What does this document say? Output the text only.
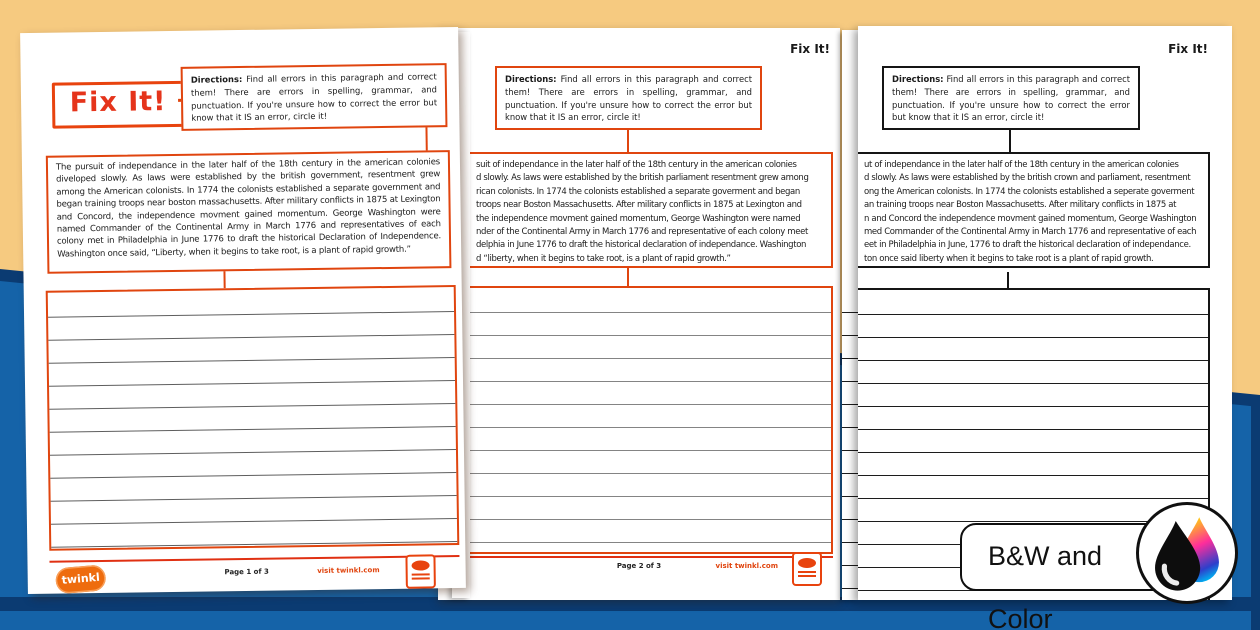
Fix It!
Directions: Find all errors in this paragraph and correct them! There are errors in spelling, grammar, and punctuation. If you're unsure how to correct the error but know that it IS an error, circle it!
suit of independance in the later half of the 18th century in the american colonies
d slowly. As laws were established by the british parliament resentment grew among
rican colonists. In 1774 the colonists established a separate goverment and began
troops near Boston Massachusetts. After military conflicts in 1875 at Lexington and
the independence movment gained momentum, George Washington were named
nder of the Continental Army in March 1776 and representative of each colony meet
delphia in June 1776 to draft the historical declaration of independance. Washington
d “liberty, when it begins to take root, is a plant of rapid growth.”
Page 2 of 3	visit twinkl.com
Fix It!
Directions: Find all errors in this paragraph and correct them! There are errors in spelling, grammar, and punctuation. If you're unsure how to correct the error but know that it IS an error, circle it!
ut of independance in the later half of the 18th century in the american colonies
d slowly. As laws were established by the british crown and parliament, resentment
ong the American colonists. In 1774 the colonists established a seperate goverment
an training troops near Boston Massachusetts. After military conflicts in 1875 at
n and Concord the independence movment gained momentum, George Washington
med Commander of the Continental Army in March 1776 and representative of each
eet in Philadelphia in June, 1776 to draft the historical declaration of independance.
ton once said liberty when it begins to take root is a plant of rapid growth.
Fix It!
Directions: Find all errors in this paragraph and correct them! There are errors in spelling, grammar, and punctuation. If you're unsure how to correct the error but know that it IS an error, circle it!
The pursuit of independance in the later half of the 18th century in the american colonies diveloped slowly. As laws were established by the british government, resentment grew among the American colonists. In 1774 the colonists established a separate government and began training troops near boston massachusetts. After military conflicts in 1875 at Lexington and Concord, the independence movment gained momentum. George Washington were named Commander of the Continental Army in March 1776 and representatives of each colony met in Philadelphia in June 1776 to draft the historical Declaration of Independence. Washington once said, “Liberty, when it begins to take root, is a plant of rapid growth.”
twinkl	Page 1 of 3	visit twinkl.com	B&W and Color
